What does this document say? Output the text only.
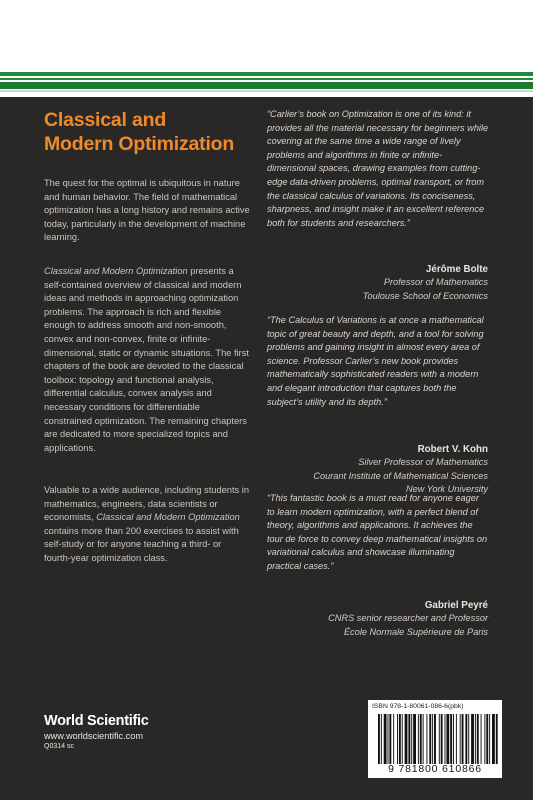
Classical and
Modern Optimization

The quest for the optimal is ubiquitous in nature and human behavior. The field of mathematical optimization has a long history and remains active today, particularly in the development of machine learning.

Classical and Modern Optimization presents a self-contained overview of classical and modern ideas and methods in approaching optimization problems. The approach is rich and flexible enough to address smooth and non-smooth, convex and non-convex, finite or infinite-dimensional, static or dynamic situations. The first chapters of the book are devoted to the classical toolbox: topology and functional analysis, differential calculus, convex analysis and necessary conditions for differentiable constrained optimization. The remaining chapters are dedicated to more specialized topics and applications.

Valuable to a wide audience, including students in mathematics, engineers, data scientists or economists, Classical and Modern Optimization contains more than 200 exercises to assist with self-study or for anyone teaching a third- or fourth-year optimization class.

“Carlier’s book on Optimization is one of its kind: it provides all the material necessary for beginners while covering at the same time a wide range of lively problems and algorithms in finite or infinite-dimensional spaces, drawing examples from cutting-edge data-driven problems, optimal transport, or from the classical calculus of variations. Its conciseness, sharpness, and insight make it an excellent reference both for students and researchers.”
Jérôme Bolte
Professor of Mathematics
Toulouse School of Economics
“The Calculus of Variations is at once a mathematical topic of great beauty and depth, and a tool for solving problems and gaining insight in almost every area of science. Professor Carlier’s new book provides mathematically sophisticated readers with a modern and elegant introduction that captures both the subject’s utility and its depth.”
Robert V. Kohn
Silver Professor of Mathematics
Courant Institute of Mathematical Sciences
New York University
“This fantastic book is a must read for anyone eager to learn modern optimization, with a perfect blend of theory, algorithms and applications. It achieves the tour de force to convey deep mathematical insights on variational calculus and showcase illuminating practical cases.”
Gabriel Peyré
CNRS senior researcher and Professor
École Normale Supérieure de Paris
World Scientific
www.worldscientific.com
Q0314 sc
ISBN 978-1-80061-086-6(pbk)
9 781800 610866
